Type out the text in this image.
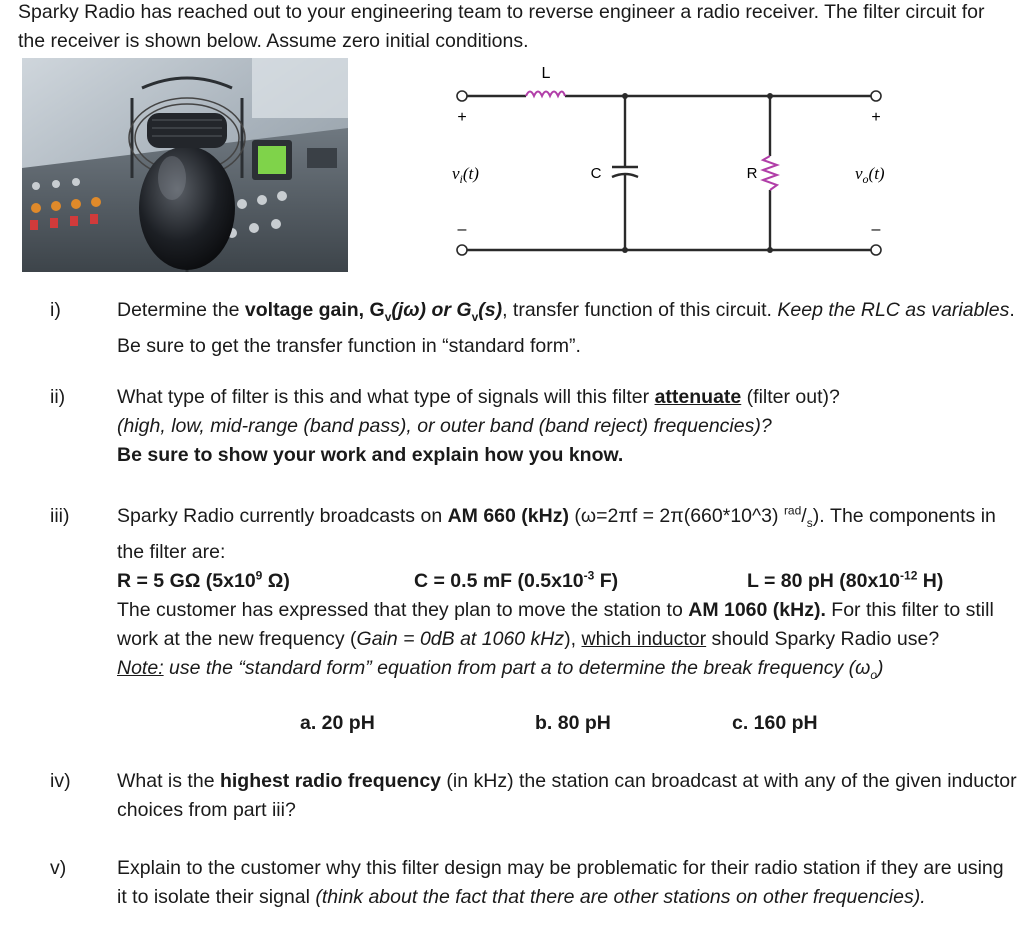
Sparky Radio has reached out to your engineering team to reverse engineer a radio receiver. The filter circuit for the receiver is shown below. Assume zero initial conditions.
L
C	R
+
–
+
–
$v_i(t)$	$v_o(t)$
i)	Determine the voltage gain, $G_v(j\omega)$ or $G_v(s)$, transfer function of this circuit. Keep the RLC as variables. Be sure to get the transfer function in “standard form”.
ii)	What type of filter is this and what type of signals will this filter attenuate (filter out)?
(high, low, mid-range (band pass), or outer band (band reject) frequencies)?
Be sure to show your work and explain how you know.
iii) Sparky Radio currently broadcasts on AM 660 (kHz) (ω=2πf = 2π(660*10^3) $^{rad}/_s$). The components in the filter are:
R = 5 GΩ ($5x10^9$ Ω)	C = 0.5 mF ($0.5x10^{-3}$ F)	L = 80 pH ($80x10^{-12}$ H)
The customer has expressed that they plan to move the station to AM 1060 (kHz). For this filter to still work at the new frequency (Gain = 0dB at 1060 kHz), which inductor should Sparky Radio use?
Note: use the “standard form” equation from part a to determine the break frequency $(\omega_o)$
a. 20 pH	b. 80 pH	c. 160 pH
iv) What is the highest radio frequency (in kHz) the station can broadcast at with any of the given inductor choices from part iii?
v)	Explain to the customer why this filter design may be problematic for their radio station if they are using it to isolate their signal (think about the fact that there are other stations on other frequencies).
